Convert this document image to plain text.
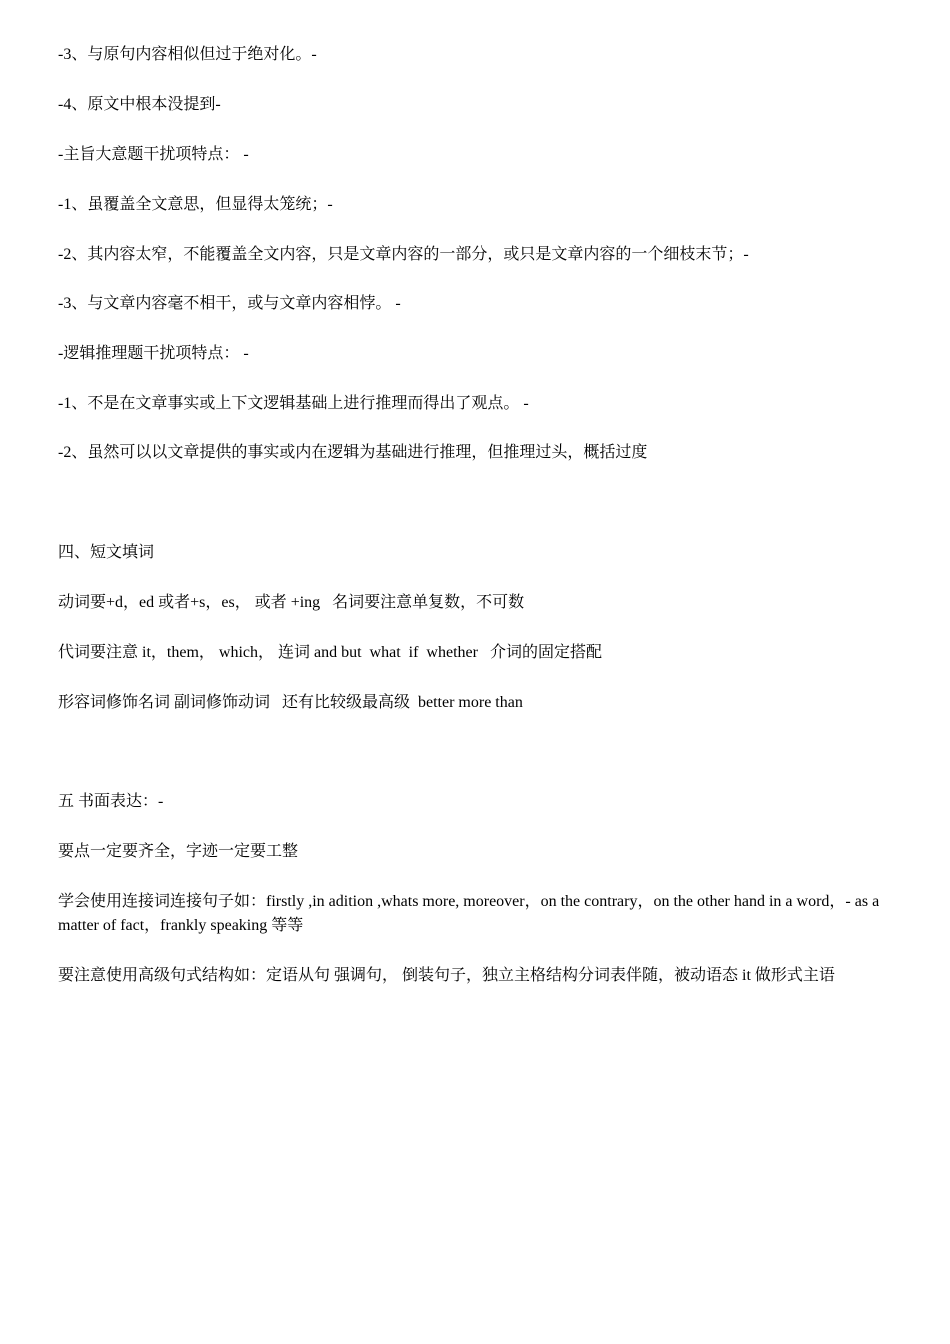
-3、与原句内容相似但过于绝对化。-
-4、原文中根本没提到-
-主旨大意题干扰项特点： -
-1、虽覆盖全文意思，但显得太笼统；-
-2、其内容太窄，不能覆盖全文内容，只是文章内容的一部分，或只是文章内容的一个细枝末节；-
-3、与文章内容毫不相干，或与文章内容相悖。 -
-逻辑推理题干扰项特点： -
-1、不是在文章事实或上下文逻辑基础上进行推理而得出了观点。 -
-2、虽然可以以文章提供的事实或内在逻辑为基础进行推理，但推理过头，概括过度
四、短文填词
动词要+d，ed 或者+s，es， 或者 +ing   名词要注意单复数，不可数
代词要注意 it，them， which， 连词 and but  what  if  whether   介词的固定搭配
形容词修饰名词 副词修饰动词   还有比较级最高级  better more than
五 书面表达：-
要点一定要齐全，字迹一定要工整
学会使用连接词连接句子如：firstly ,in adition ,whats more, moreover，on the contrary，on the other hand in a word，- as a matter of fact，frankly speaking 等等
要注意使用高级句式结构如：定语从句 强调句， 倒装句子，独立主格结构分词表伴随，被动语态 it 做形式主语
